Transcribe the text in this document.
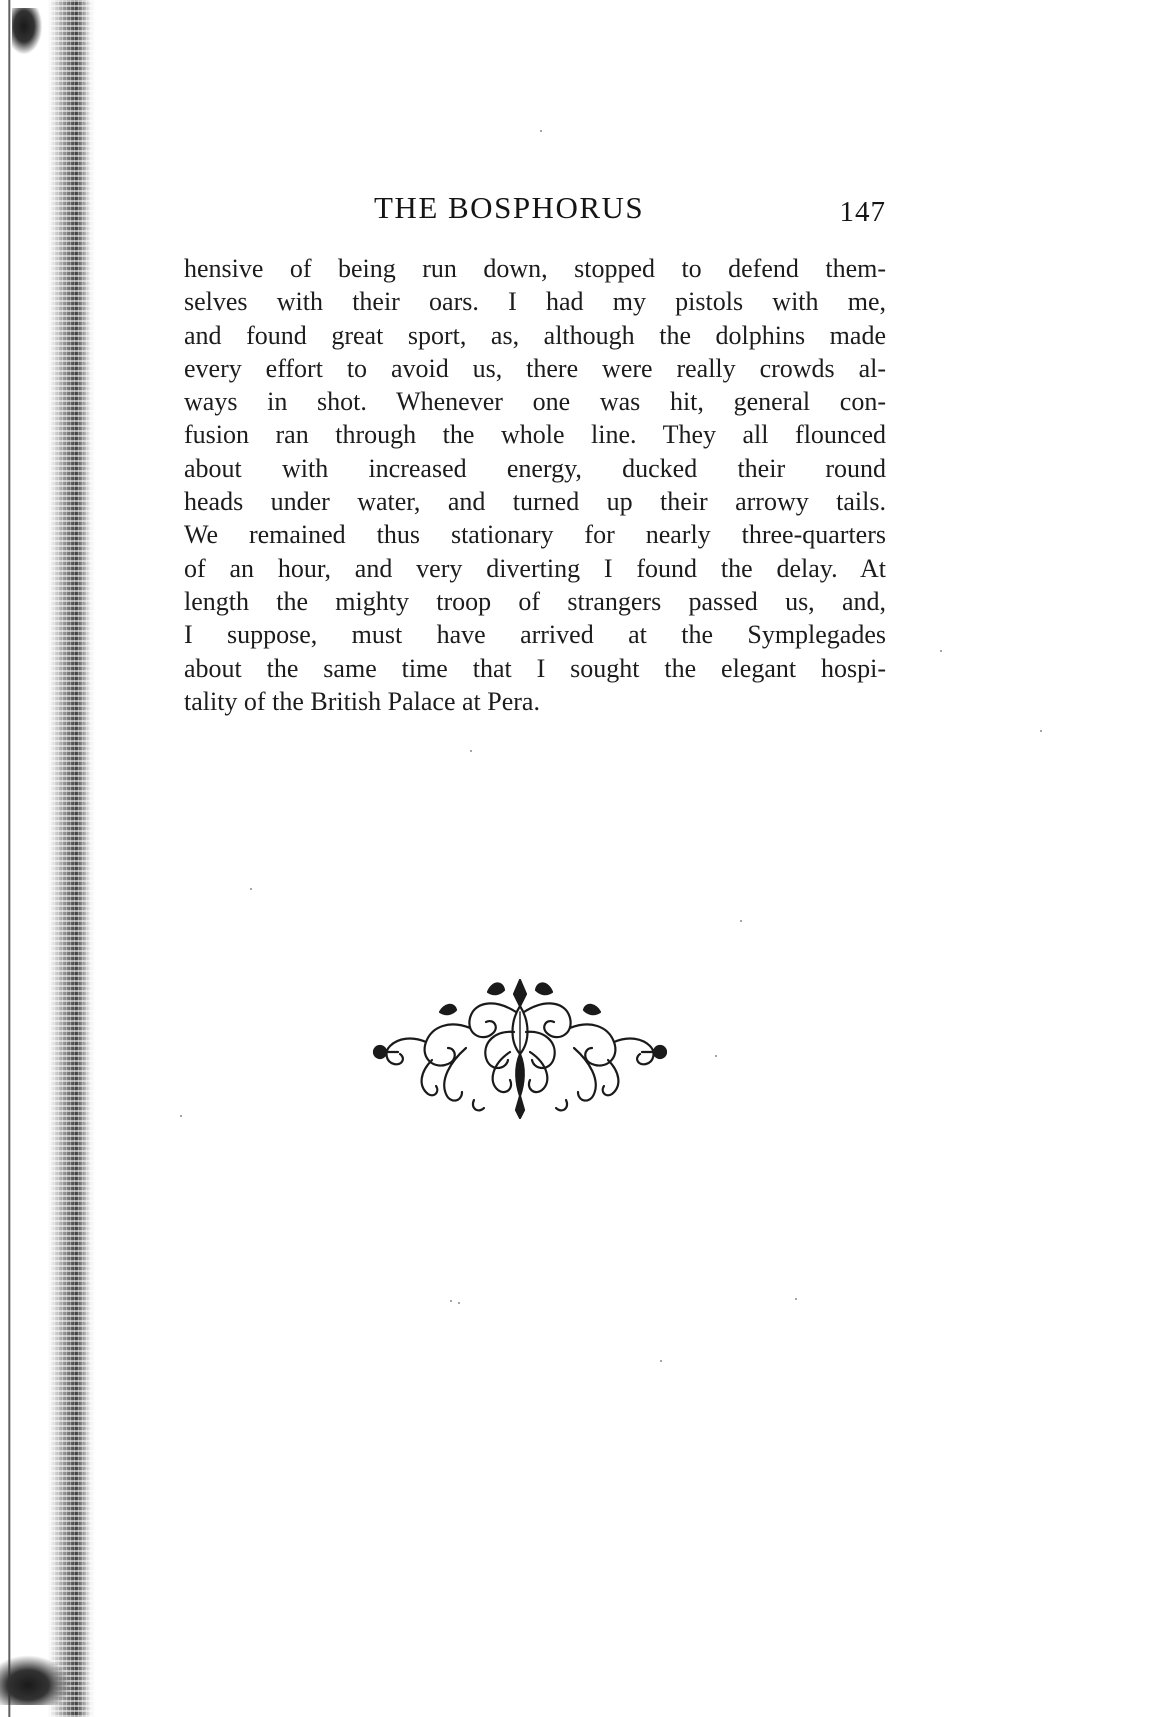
THE BOSPHORUS	147
hensive of being run down, stopped to defend them-
selves with their oars. I had my pistols with me,
and found great sport, as, although the dolphins made
every effort to avoid us, there were really crowds al-
ways in shot. Whenever one was hit, general con-
fusion ran through the whole line. They all flounced
about with increased energy, ducked their round
heads under water, and turned up their arrowy tails.
We remained thus stationary for nearly three-quarters
of an hour, and very diverting I found the delay. At
length the mighty troop of strangers passed us, and,
I suppose, must have arrived at the Symplegades
about the same time that I sought the elegant hospi-
tality of the British Palace at Pera.
